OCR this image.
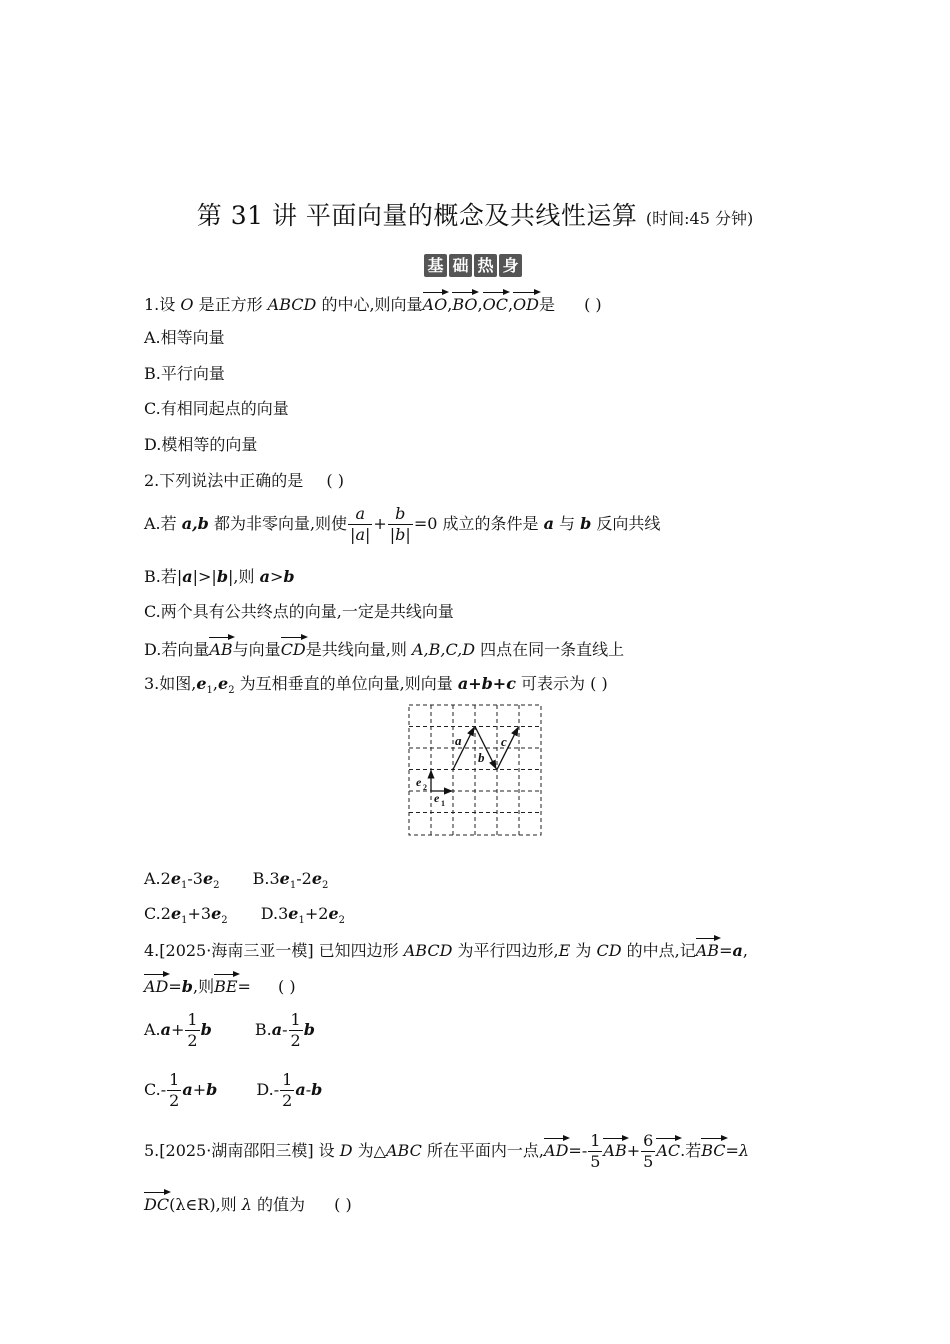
第 31 讲 平面向量的概念及共线性运算 (时间:45 分钟)
基 础 热 身
1.设 O 是正方形 ABCD 的中心,则向量AO,BO,OC,OD是 ( )
A.相等向量
B.平行向量
C.有相同起点的向量
D.模相等的向量
2.下列说法中正确的是 ( )
A.若 a,b 都为非零向量,则使 $\frac{a}{|a|} + \frac{b}{|b|} =0$ 成立的条件是 a 与 b 反向共线
B.若|a|>|b|,则 a>b
C.两个具有公共终点的向量,一定是共线向量
D.若向量AB与向量CD是共线向量,则 A,B,C,D 四点在同一条直线上
3.如图$,e_1,e_2$ 为互相垂直的单位向量,则向量 a+b+c 可表示为 ( )
a
b
c
e 2
e 1
$A.2e_1-3e_2$ $B.3e_1-2e_2$
$C.2e_1+3e_2$ $D.3e_1+2e_2$
4.[2025·海南三亚一模] 已知四边形 ABCD 为平行四边形,E 为 CD 的中点,记AB=a,
AD=b,则BE= ( )
$A.a+ \frac{1}{2}$ b	$B.a- \frac{1}{2}$ b
$C.- \frac{1}{2} a+b$ $D.- \frac{1}{2} a-b$
5.[2025·湖南邵阳三模] 设 D 为△ABC 所在平面内一点$,AD=- \frac{1}{5} AB+ \frac{6}{5}$ AC.若BC=λ
DC(λ∈R),则 λ 的值为 ( )
